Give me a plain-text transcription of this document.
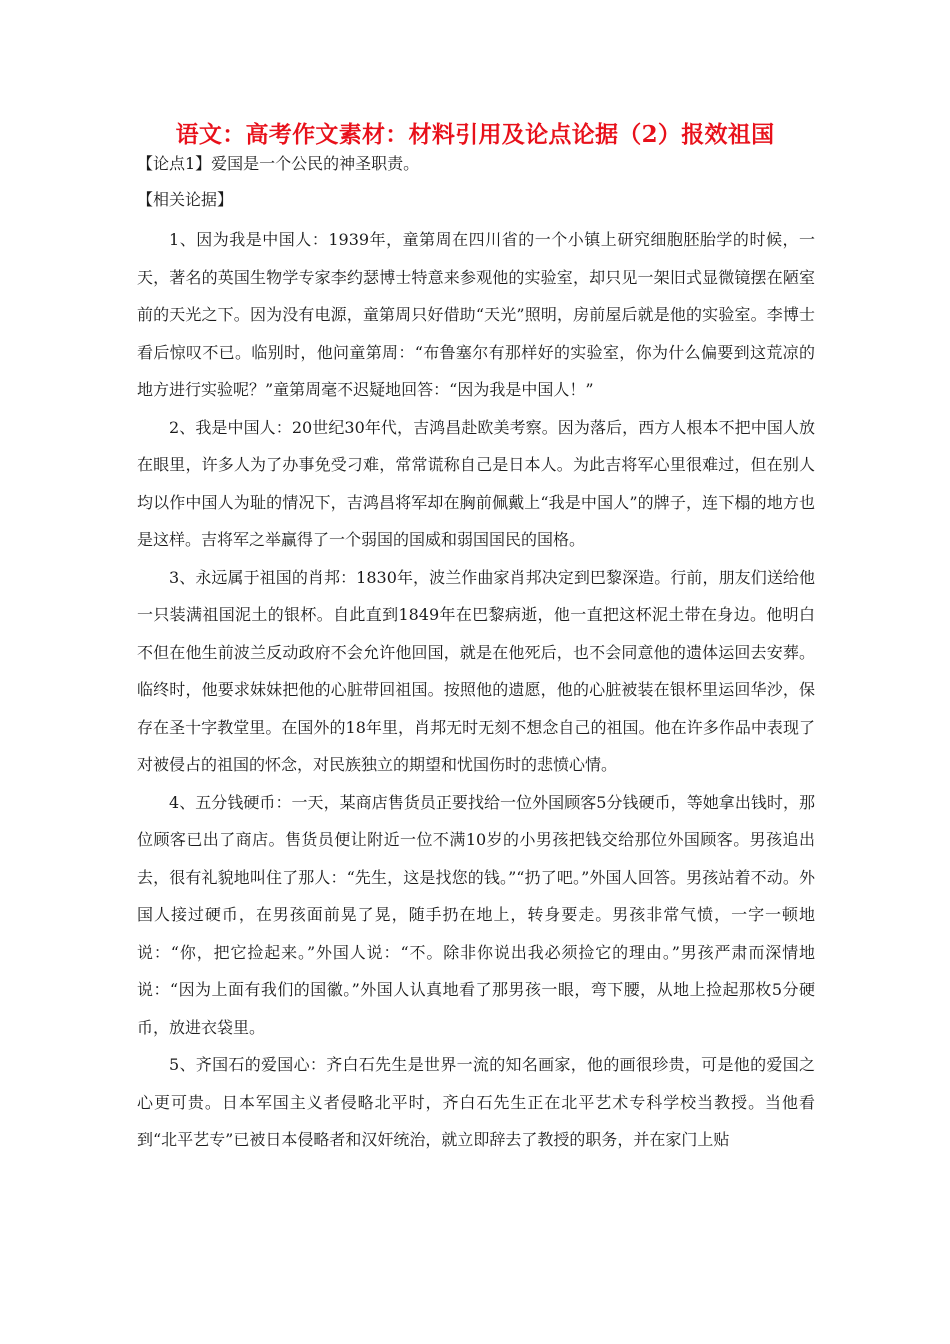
语文：高考作文素材：材料引用及论点论据（2）报效祖国

【论点1】爱国是一个公民的神圣职责。

【相关论据】

1、因为我是中国人：1939年，童第周在四川省的一个小镇上研究细胞胚胎学的时候，一天，著名的英国生物学专家李约瑟博士特意来参观他的实验室，却只见一架旧式显微镜摆在陋室前的天光之下。因为没有电源，童第周只好借助“天光”照明，房前屋后就是他的实验室。李博士看后惊叹不已。临别时，他问童第周：“布鲁塞尔有那样好的实验室，你为什么偏要到这荒凉的地方进行实验呢？”童第周毫不迟疑地回答：“因为我是中国人！”

2、我是中国人：20世纪30年代，吉鸿昌赴欧美考察。因为落后，西方人根本不把中国人放在眼里，许多人为了办事免受刁难，常常谎称自己是日本人。为此吉将军心里很难过，但在别人均以作中国人为耻的情况下，吉鸿昌将军却在胸前佩戴上“我是中国人”的牌子，连下榻的地方也是这样。吉将军之举赢得了一个弱国的国威和弱国国民的国格。

3、永远属于祖国的肖邦：1830年，波兰作曲家肖邦决定到巴黎深造。行前，朋友们送给他一只装满祖国泥土的银杯。自此直到1849年在巴黎病逝，他一直把这杯泥土带在身边。他明白不但在他生前波兰反动政府不会允许他回国，就是在他死后，也不会同意他的遗体运回去安葬。临终时，他要求妹妹把他的心脏带回祖国。按照他的遗愿，他的心脏被装在银杯里运回华沙，保存在圣十字教堂里。在国外的18年里，肖邦无时无刻不想念自己的祖国。他在许多作品中表现了对被侵占的祖国的怀念，对民族独立的期望和忧国伤时的悲愤心情。

4、五分钱硬币：一天，某商店售货员正要找给一位外国顾客5分钱硬币，等她拿出钱时，那位顾客已出了商店。售货员便让附近一位不满10岁的小男孩把钱交给那位外国顾客。男孩追出去，很有礼貌地叫住了那人：“先生，这是找您的钱。”“扔了吧。”外国人回答。男孩站着不动。外国人接过硬币，在男孩面前晃了晃，随手扔在地上，转身要走。男孩非常气愤，一字一顿地说：“你，把它捡起来。”外国人说：“不。除非你说出我必须捡它的理由。”男孩严肃而深情地说：“因为上面有我们的国徽。”外国人认真地看了那男孩一眼，弯下腰，从地上捡起那枚5分硬币，放进衣袋里。

5、齐国石的爱国心：齐白石先生是世界一流的知名画家，他的画很珍贵，可是他的爱国之心更可贵。日本军国主义者侵略北平时，齐白石先生正在北平艺术专科学校当教授。当他看到“北平艺专”已被日本侵略者和汉奸统治，就立即辞去了教授的职务，并在家门上贴
